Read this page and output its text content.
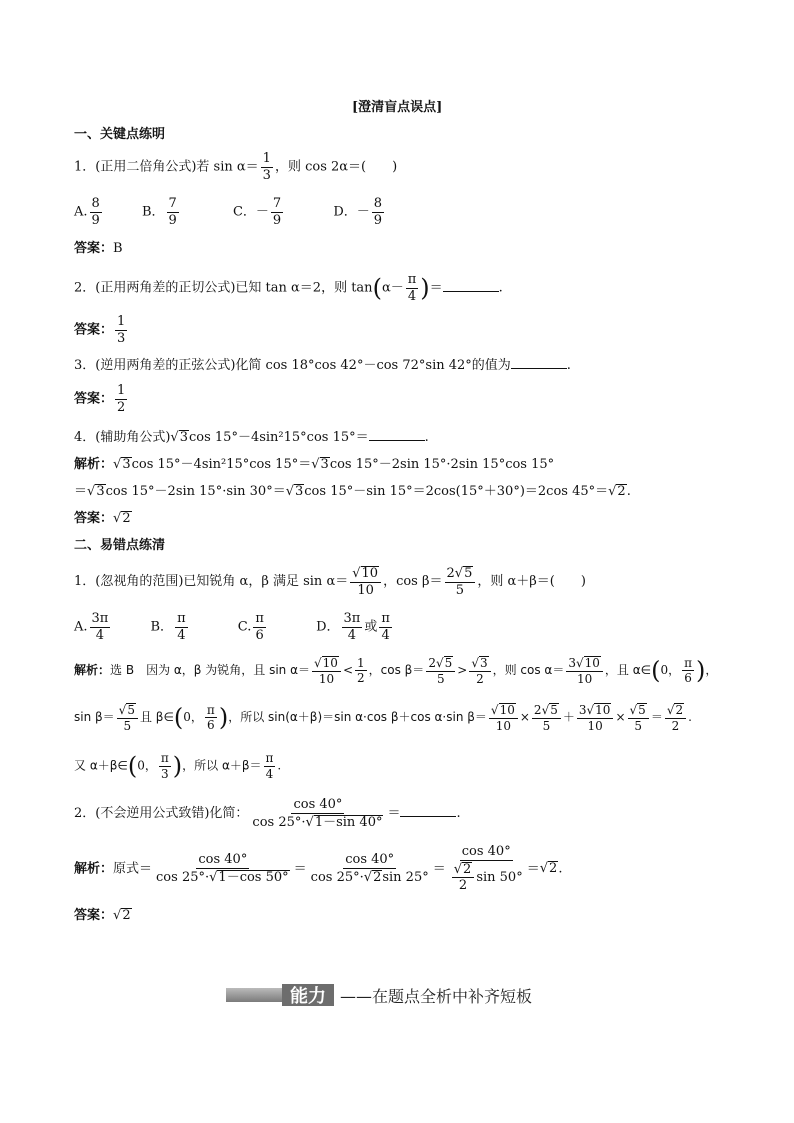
[澄清盲点误点]
一、关键点练明
1．(正用二倍角公式)若 $\sin \alpha= \frac{1}{3}$ ，则 cos 2α＝(　　)
A. $\frac{8}{9}$	B． $\frac{7}{9}$	C．－ $\frac{7}{9}$	D．－ $\frac{8}{9}$
答案：B
2．(正用两角差的正切公式)已知 tan α＝2，则 $\tan(\alpha- \frac{\pi}{4}$ )＝	.
答案： $\frac{1}{3}$
3．(逆用两角差的正弦公式)化简 cos 18°cos 42°－cos 72°sin 42°的值为	.
答案： $\frac{1}{2}$
4．(辅助角公式)√3cos 15°－4sin²15°cos 15°＝	.
解析：√3cos 15°－4sin²15°cos 15°＝√3cos 15°－2sin 15°·2sin 15°cos 15°
＝√3cos 15°－2sin 15°·sin 30°＝√3cos 15°－sin 15°＝2cos(15°＋30°)＝2cos 45°＝√2.
答案：√2
二、易错点练清
1．(忽视角的范围)已知锐角 α，β 满足 $\sin \alpha= \frac{√10}{10}$ ，$\cos \beta= \frac{2√5}{5}$ ，则 α＋β＝(　　)
A. $\frac{3\pi}{4}$	B． $\frac{\pi}{4}$	C. $\frac{\pi}{6}$	D． $\frac{3\pi}{4}$ 或 $\frac{\pi}{4}$
解析：选 B　因为 α，β 为锐角，且 $\sin \alpha= \frac{√10}{10} < \frac{1}{2}$ ，$\cos \beta= \frac{2√5}{5} > \frac{√3}{2}$ ，则 $\cos \alpha= \frac{3√10}{10}$ ，且 α∈(0， $\frac{\pi}{6}$ )，
$\sin \beta= \frac{√5}{5}$ 且 β∈(0， $\frac{\pi}{6}$ )，所以 sin(α＋β)＝sin α·cos β＋cos α·sin $\beta= \frac{√10}{10} \times \frac{2√5}{5} + \frac{3√10}{10} \times \frac{√5}{5} = \frac{√2}{2}$ .
又 α＋β∈(0， $\frac{\pi}{3}$ )，所以 $\alpha+\beta= \frac{\pi}{4}$ .
2．(不会逆用公式致错)化简： $\frac{\cos 40^\circ}{\cos 25^\circ\cdot√1-\sin 40^\circ}$ ＝	.
解析：原式＝ $\frac{\cos 40^\circ}{\cos 25^\circ\cdot√1-\cos 50^\circ} = \frac{\cos 40^\circ}{\cos 25^\circ\cdot√2\sin 25^\circ} = \frac{\cos 40^\circ}{\frac{√2}{2} \sin 50^\circ} =√2$.
答案：√2
能力 ——在题点全析中补齐短板
